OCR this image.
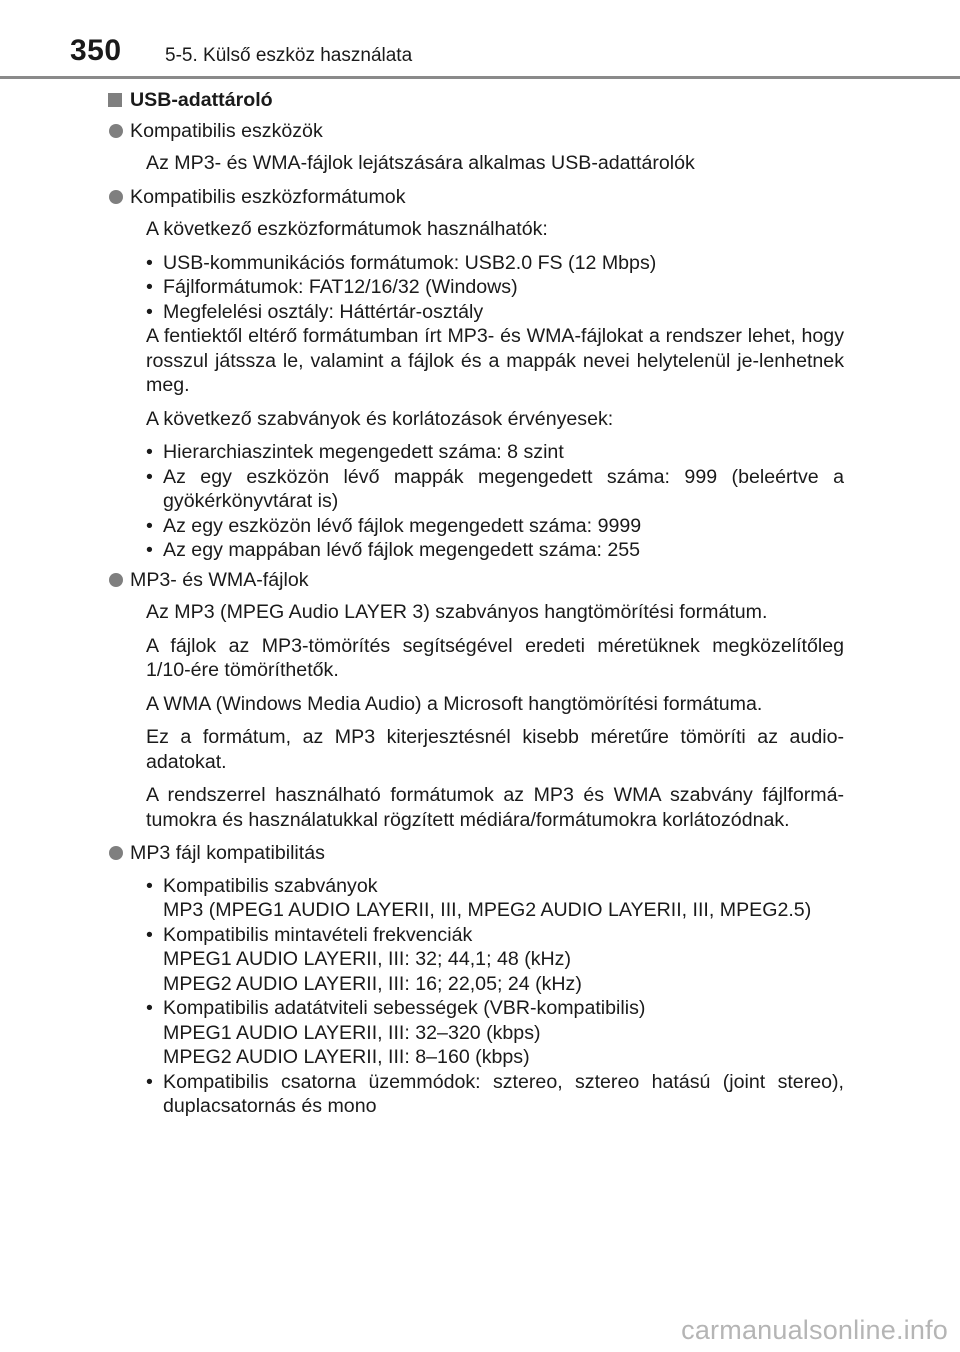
350 5-5. Külső eszköz használata
USB-adattároló
Kompatibilis eszközök
Az MP3- és WMA-fájlok lejátszására alkalmas USB-adattárolók
Kompatibilis eszközformátumok
A következő eszközformátumok használhatók:
• USB-kommunikációs formátumok: USB2.0 FS (12 Mbps)
• Fájlformátumok: FAT12/16/32 (Windows)
• Megfelelési osztály: Háttértár-osztály
A fentiektől eltérő formátumban írt MP3- és WMA-fájlokat a rendszer lehet, hogy rosszul játssza le, valamint a fájlok és a mappák nevei helytelenül je-lenhetnek meg.
A következő szabványok és korlátozások érvényesek:
• Hierarchiaszintek megengedett száma: 8 szint
• Az egy eszközön lévő mappák megengedett száma: 999 (beleértve a gyökérkönyvtárat is)
• Az egy eszközön lévő fájlok megengedett száma: 9999
• Az egy mappában lévő fájlok megengedett száma: 255
MP3- és WMA-fájlok
Az MP3 (MPEG Audio LAYER 3) szabványos hangtömörítési formátum.
A fájlok az MP3-tömörítés segítségével eredeti méretüknek megközelítőleg 1/10-ére tömöríthetők.
A WMA (Windows Media Audio) a Microsoft hangtömörítési formátuma.
Ez a formátum, az MP3 kiterjesztésnél kisebb méretűre tömöríti az audio-adatokat.
A rendszerrel használható formátumok az MP3 és WMA szabvány fájlformá-tumokra és használatukkal rögzített médiára/formátumokra korlátozódnak.
MP3 fájl kompatibilitás
• Kompatibilis szabványok
MP3 (MPEG1 AUDIO LAYERII, III, MPEG2 AUDIO LAYERII, III, MPEG2.5)
• Kompatibilis mintavételi frekvenciák
MPEG1 AUDIO LAYERII, III: 32; 44,1; 48 (kHz)
MPEG2 AUDIO LAYERII, III: 16; 22,05; 24 (kHz)
• Kompatibilis adatátviteli sebességek (VBR-kompatibilis)
MPEG1 AUDIO LAYERII, III: 32–320 (kbps)
MPEG2 AUDIO LAYERII, III: 8–160 (kbps)
• Kompatibilis csatorna üzemmódok: sztereo, sztereo hatású (joint stereo), duplacsatornás és mono
carmanualsonline.info
